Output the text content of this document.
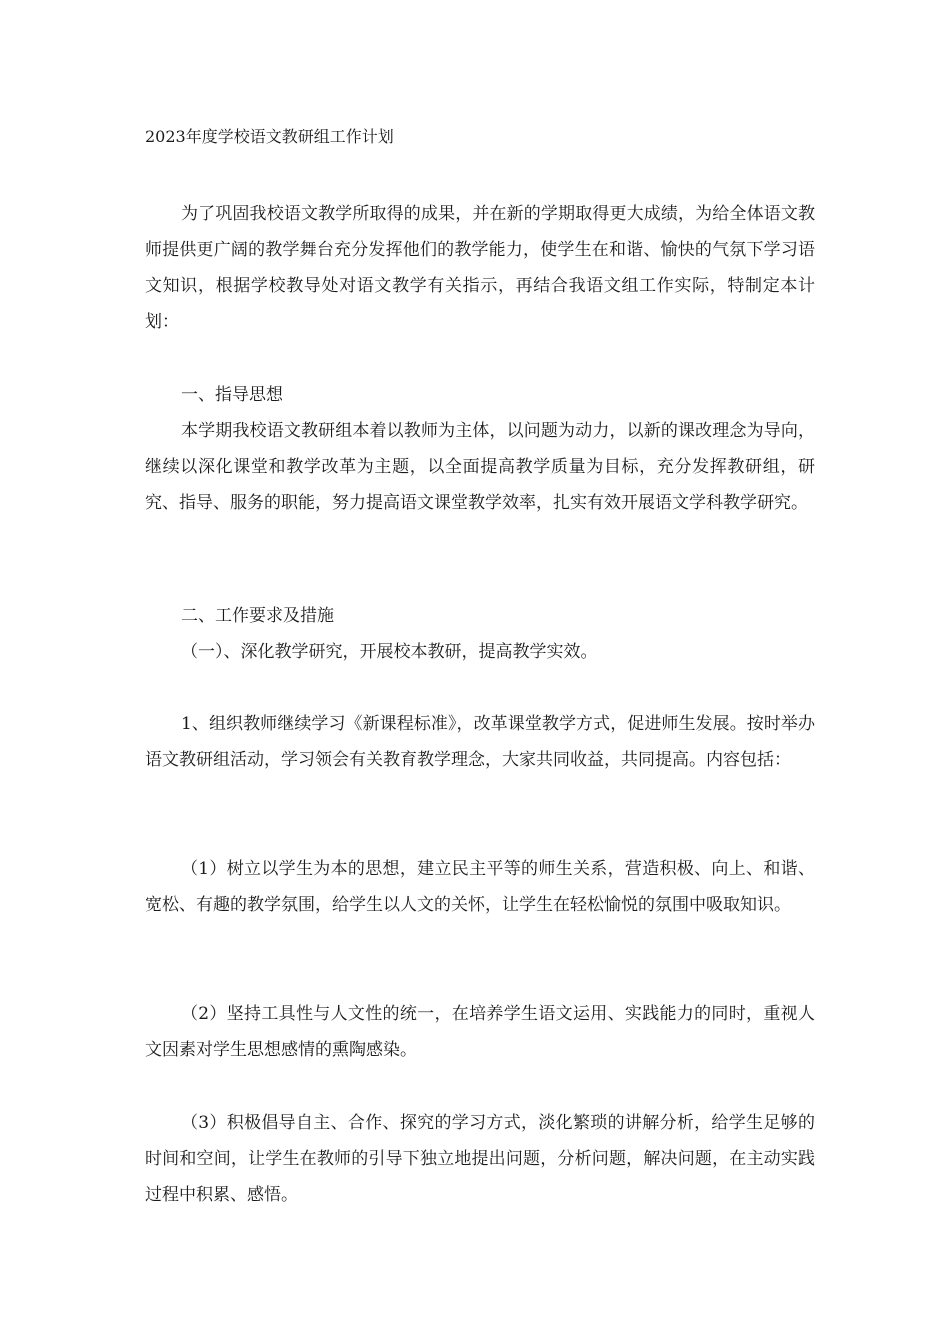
2023年度学校语文教研组工作计划
为了巩固我校语文教学所取得的成果，并在新的学期取得更大成绩，为给全体语文教师提供更广阔的教学舞台充分发挥他们的教学能力，使学生在和谐、愉快的气氛下学习语文知识，根据学校教导处对语文教学有关指示，再结合我语文组工作实际，特制定本计划：
一、指导思想
本学期我校语文教研组本着以教师为主体，以问题为动力，以新的课改理念为导向，继续以深化课堂和教学改革为主题，以全面提高教学质量为目标，充分发挥教研组，研究、指导、服务的职能，努力提高语文课堂教学效率，扎实有效开展语文学科教学研究。
二、工作要求及措施
（一）、深化教学研究，开展校本教研，提高教学实效。
1、组织教师继续学习《新课程标准》，改革课堂教学方式，促进师生发展。按时举办语文教研组活动，学习领会有关教育教学理念，大家共同收益，共同提高。内容包括：
（1）树立以学生为本的思想，建立民主平等的师生关系，营造积极、向上、和谐、宽松、有趣的教学氛围，给学生以人文的关怀，让学生在轻松愉悦的氛围中吸取知识。
（2）坚持工具性与人文性的统一，在培养学生语文运用、实践能力的同时，重视人文因素对学生思想感情的熏陶感染。
（3）积极倡导自主、合作、探究的学习方式，淡化繁琐的讲解分析，给学生足够的时间和空间，让学生在教师的引导下独立地提出问题，分析问题，解决问题，在主动实践过程中积累、感悟。
